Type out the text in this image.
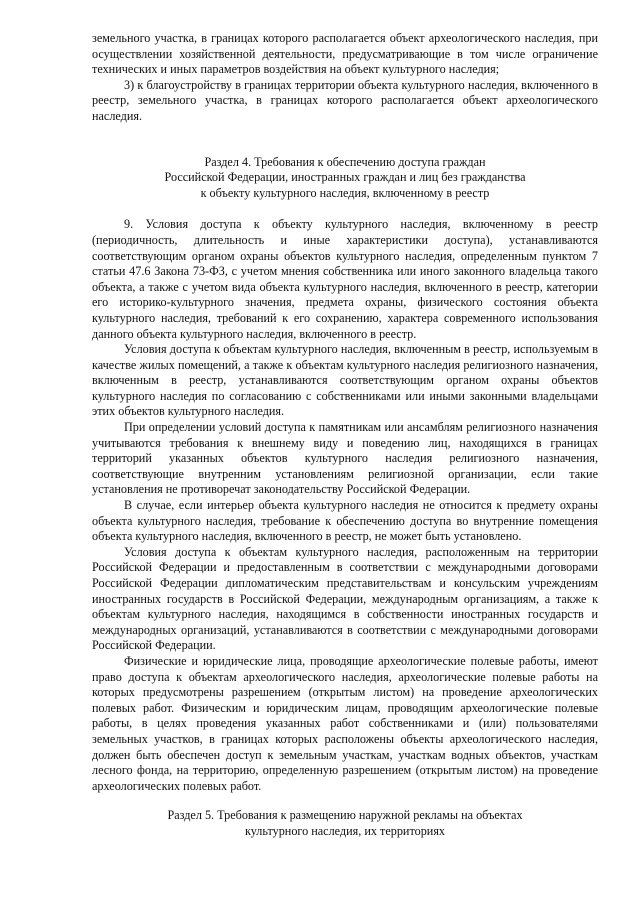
земельного участка, в границах которого располагается объект археологического наследия, при осуществлении хозяйственной деятельности, предусматривающие в том числе ограничение технических и иных параметров воздействия на объект культурного наследия;

3) к благоустройству в границах территории объекта культурного наследия, включенного в реестр, земельного участка, в границах которого располагается объект археологического наследия.

Раздел 4. Требования к обеспечению доступа граждан
Российской Федерации, иностранных граждан и лиц без гражданства
к объекту культурного наследия, включенному в реестр

9. Условия доступа к объекту культурного наследия, включенному в реестр (периодичность, длительность и иные характеристики доступа), устанавливаются соответствующим органом охраны объектов культурного наследия, определенным пунктом 7 статьи 47.6 Закона 73-ФЗ, с учетом мнения собственника или иного законного владельца такого объекта, а также с учетом вида объекта культурного наследия, включенного в реестр, категории его историко-культурного значения, предмета охраны, физического состояния объекта культурного наследия, требований к его сохранению, характера современного использования данного объекта культурного наследия, включенного в реестр.

Условия доступа к объектам культурного наследия, включенным в реестр, используемым в качестве жилых помещений, а также к объектам культурного наследия религиозного назначения, включенным в реестр, устанавливаются соответствующим органом охраны объектов культурного наследия по согласованию с собственниками или иными законными владельцами этих объектов культурного наследия.

При определении условий доступа к памятникам или ансамблям религиозного назначения учитываются требования к внешнему виду и поведению лиц, находящихся в границах территорий указанных объектов культурного наследия религиозного назначения, соответствующие внутренним установлениям религиозной организации, если такие установления не противоречат законодательству Российской Федерации.

В случае, если интерьер объекта культурного наследия не относится к предмету охраны объекта культурного наследия, требование к обеспечению доступа во внутренние помещения объекта культурного наследия, включенного в реестр, не может быть установлено.

Условия доступа к объектам культурного наследия, расположенным на территории Российской Федерации и предоставленным в соответствии с международными договорами Российской Федерации дипломатическим представительствам и консульским учреждениям иностранных государств в Российской Федерации, международным организациям, а также к объектам культурного наследия, находящимся в собственности иностранных государств и международных организаций, устанавливаются в соответствии с международными договорами Российской Федерации.

Физические и юридические лица, проводящие археологические полевые работы, имеют право доступа к объектам археологического наследия, археологические полевые работы на которых предусмотрены разрешением (открытым листом) на проведение археологических полевых работ. Физическим и юридическим лицам, проводящим археологические полевые работы, в целях проведения указанных работ собственниками и (или) пользователями земельных участков, в границах которых расположены объекты археологического наследия, должен быть обеспечен доступ к земельным участкам, участкам водных объектов, участкам лесного фонда, на территорию, определенную разрешением (открытым листом) на проведение археологических полевых работ.

Раздел 5. Требования к размещению наружной рекламы на объектах
культурного наследия, их территориях
